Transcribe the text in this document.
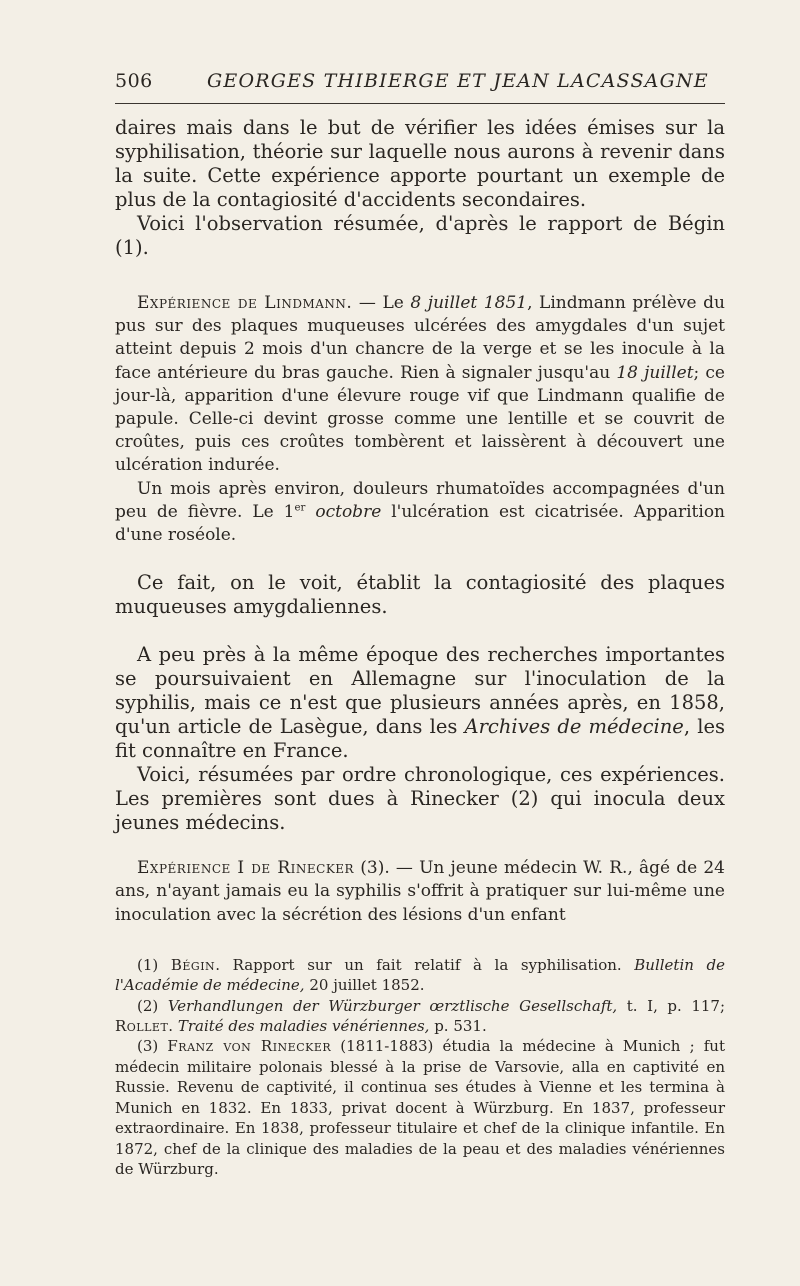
506	GEORGES THIBIERGE ET JEAN LACASSAGNE

daires mais dans le but de vérifier les idées émises sur la syphilisation, théorie sur laquelle nous aurons à revenir dans la suite. Cette expérience apporte pourtant un exemple de plus de la contagiosité d'accidents secondaires.

Voici l'observation résumée, d'après le rapport de Bégin (1).

Expérience de Lindmann. — Le 8 juillet 1851, Lindmann prélève du pus sur des plaques muqueuses ulcérées des amygdales d'un sujet atteint depuis 2 mois d'un chancre de la verge et se les inocule à la face antérieure du bras gauche. Rien à signaler jusqu'au 18 juillet; ce jour-là, apparition d'une élevure rouge vif que Lindmann qualifie de papule. Celle-ci devint grosse comme une lentille et se couvrit de croûtes, puis ces croûtes tombèrent et laissèrent à découvert une ulcération indurée.

Un mois après environ, douleurs rhumatoïdes accompagnées d'un peu de fièvre. Le 1er octobre l'ulcération est cicatrisée. Apparition d'une roséole.

Ce fait, on le voit, établit la contagiosité des plaques muqueuses amygdaliennes.

A peu près à la même époque des recherches importantes se poursuivaient en Allemagne sur l'inoculation de la syphilis, mais ce n'est que plusieurs années après, en 1858, qu'un article de Lasègue, dans les Archives de médecine, les fit connaître en France.

Voici, résumées par ordre chronologique, ces expériences. Les premières sont dues à Rinecker (2) qui inocula deux jeunes médecins.

Expérience I de Rinecker (3). — Un jeune médecin W. R., âgé de 24 ans, n'ayant jamais eu la syphilis s'offrit à pratiquer sur lui-même une inoculation avec la sécrétion des lésions d'un enfant

(1) Bégin. Rapport sur un fait relatif à la syphilisation. Bulletin de l'Académie de médecine, 20 juillet 1852.

(2) Verhandlungen der Würzburger œrztlische Gesellschaft, t. I, p. 117; Rollet. Traité des maladies vénériennes, p. 531.

(3) Franz von Rinecker (1811-1883) étudia la médecine à Munich ; fut médecin militaire polonais blessé à la prise de Varsovie, alla en captivité en Russie. Revenu de captivité, il continua ses études à Vienne et les termina à Munich en 1832. En 1833, privat docent à Würzburg. En 1837, professeur extraordinaire. En 1838, professeur titulaire et chef de la clinique infantile. En 1872, chef de la clinique des maladies de la peau et des maladies vénériennes de Würzburg.
